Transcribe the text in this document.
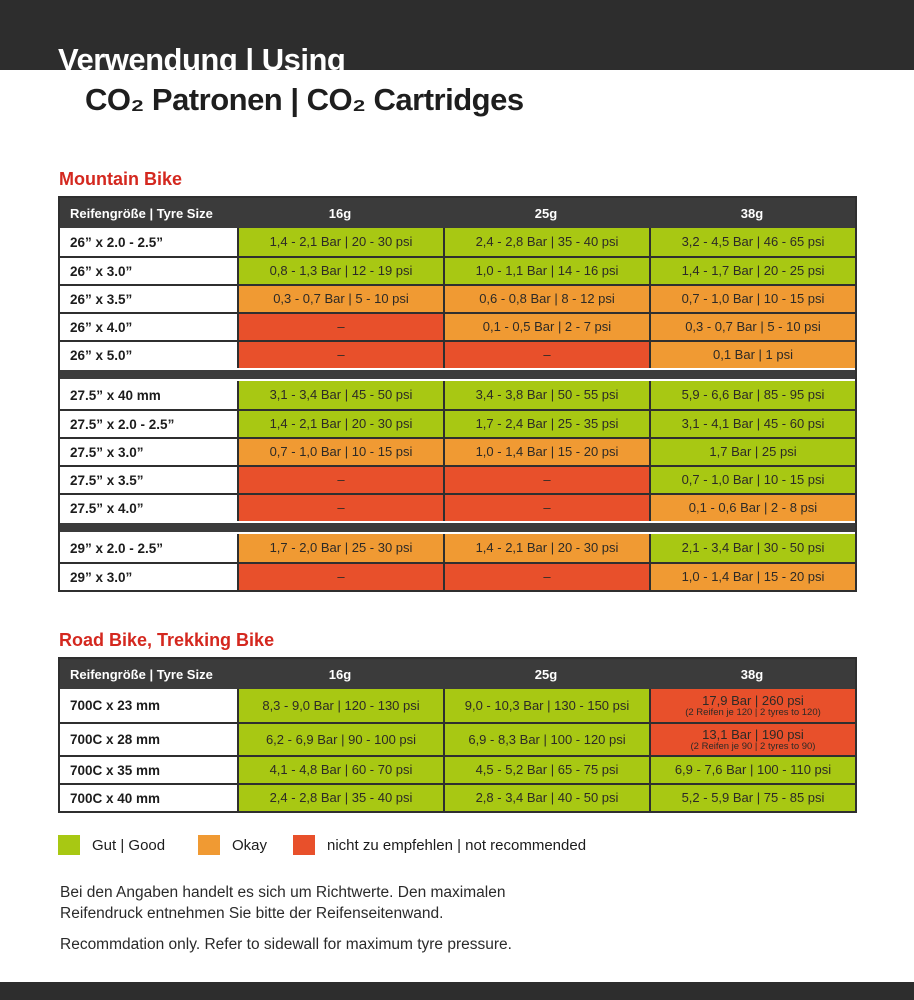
Verwendung | Using
CO₂ Patronen | CO₂ Cartridges
Mountain Bike
Reifengröße | Tyre Size	16g	25g	38g
26” x 2.0 - 2.5”	1,4 - 2,1 Bar | 20 - 30 psi	2,4 - 2,8 Bar | 35 - 40 psi	3,2 - 4,5 Bar | 46 - 65 psi
26” x 3.0”	0,8 - 1,3 Bar | 12 - 19 psi	1,0 - 1,1 Bar | 14 - 16 psi	1,4 - 1,7 Bar | 20 - 25 psi
26” x 3.5”	0,3 - 0,7 Bar | 5 - 10 psi	0,6 - 0,8 Bar | 8 - 12 psi	0,7 - 1,0 Bar | 10 - 15 psi
26” x 4.0”	–	0,1 - 0,5 Bar | 2 - 7 psi	0,3 - 0,7 Bar | 5 - 10 psi
26” x 5.0”	–	–	0,1 Bar | 1 psi
27.5” x 40 mm	3,1 - 3,4 Bar | 45 - 50 psi	3,4 - 3,8 Bar | 50 - 55 psi	5,9 - 6,6 Bar | 85 - 95 psi
27.5” x 2.0 - 2.5”	1,4 - 2,1 Bar | 20 - 30 psi	1,7 - 2,4 Bar | 25 - 35 psi	3,1 - 4,1 Bar | 45 - 60 psi
27.5” x 3.0”	0,7 - 1,0 Bar | 10 - 15 psi	1,0 - 1,4 Bar | 15 - 20 psi	1,7 Bar | 25 psi
27.5” x 3.5”	–	–	0,7 - 1,0 Bar | 10 - 15 psi
27.5” x 4.0”	–	–	0,1 - 0,6 Bar | 2 - 8 psi
29” x 2.0 - 2.5”	1,7 - 2,0 Bar | 25 - 30 psi	1,4 - 2,1 Bar | 20 - 30 psi	2,1 - 3,4 Bar | 30 - 50 psi
29” x 3.0”	–	–	1,0 - 1,4 Bar | 15 - 20 psi
Road Bike, Trekking Bike
Reifengröße | Tyre Size	16g	25g	38g
700C x 23 mm	8,3 - 9,0 Bar | 120 - 130 psi	9,0 - 10,3 Bar | 130 - 150 psi	17,9 Bar | 260 psi
(2 Reifen je 120 | 2 tyres to 120)
700C x 28 mm	6,2 - 6,9 Bar | 90 - 100 psi	6,9 - 8,3 Bar | 100 - 120 psi	13,1 Bar | 190 psi
(2 Reifen je 90 | 2 tyres to 90)
700C x 35 mm	4,1 - 4,8 Bar | 60 - 70 psi	4,5 - 5,2 Bar | 65 - 75 psi	6,9 - 7,6 Bar | 100 - 110 psi
700C x 40 mm	2,4 - 2,8 Bar | 35 - 40 psi	2,8 - 3,4 Bar | 40 - 50 psi	5,2 - 5,9 Bar | 75 - 85 psi
Gut | Good	Okay	nicht zu empfehlen | not recommended
Bei den Angaben handelt es sich um Richtwerte. Den maximalen
Reifendruck entnehmen Sie bitte der Reifenseitenwand.
Recommdation only. Refer to sidewall for maximum tyre pressure.
